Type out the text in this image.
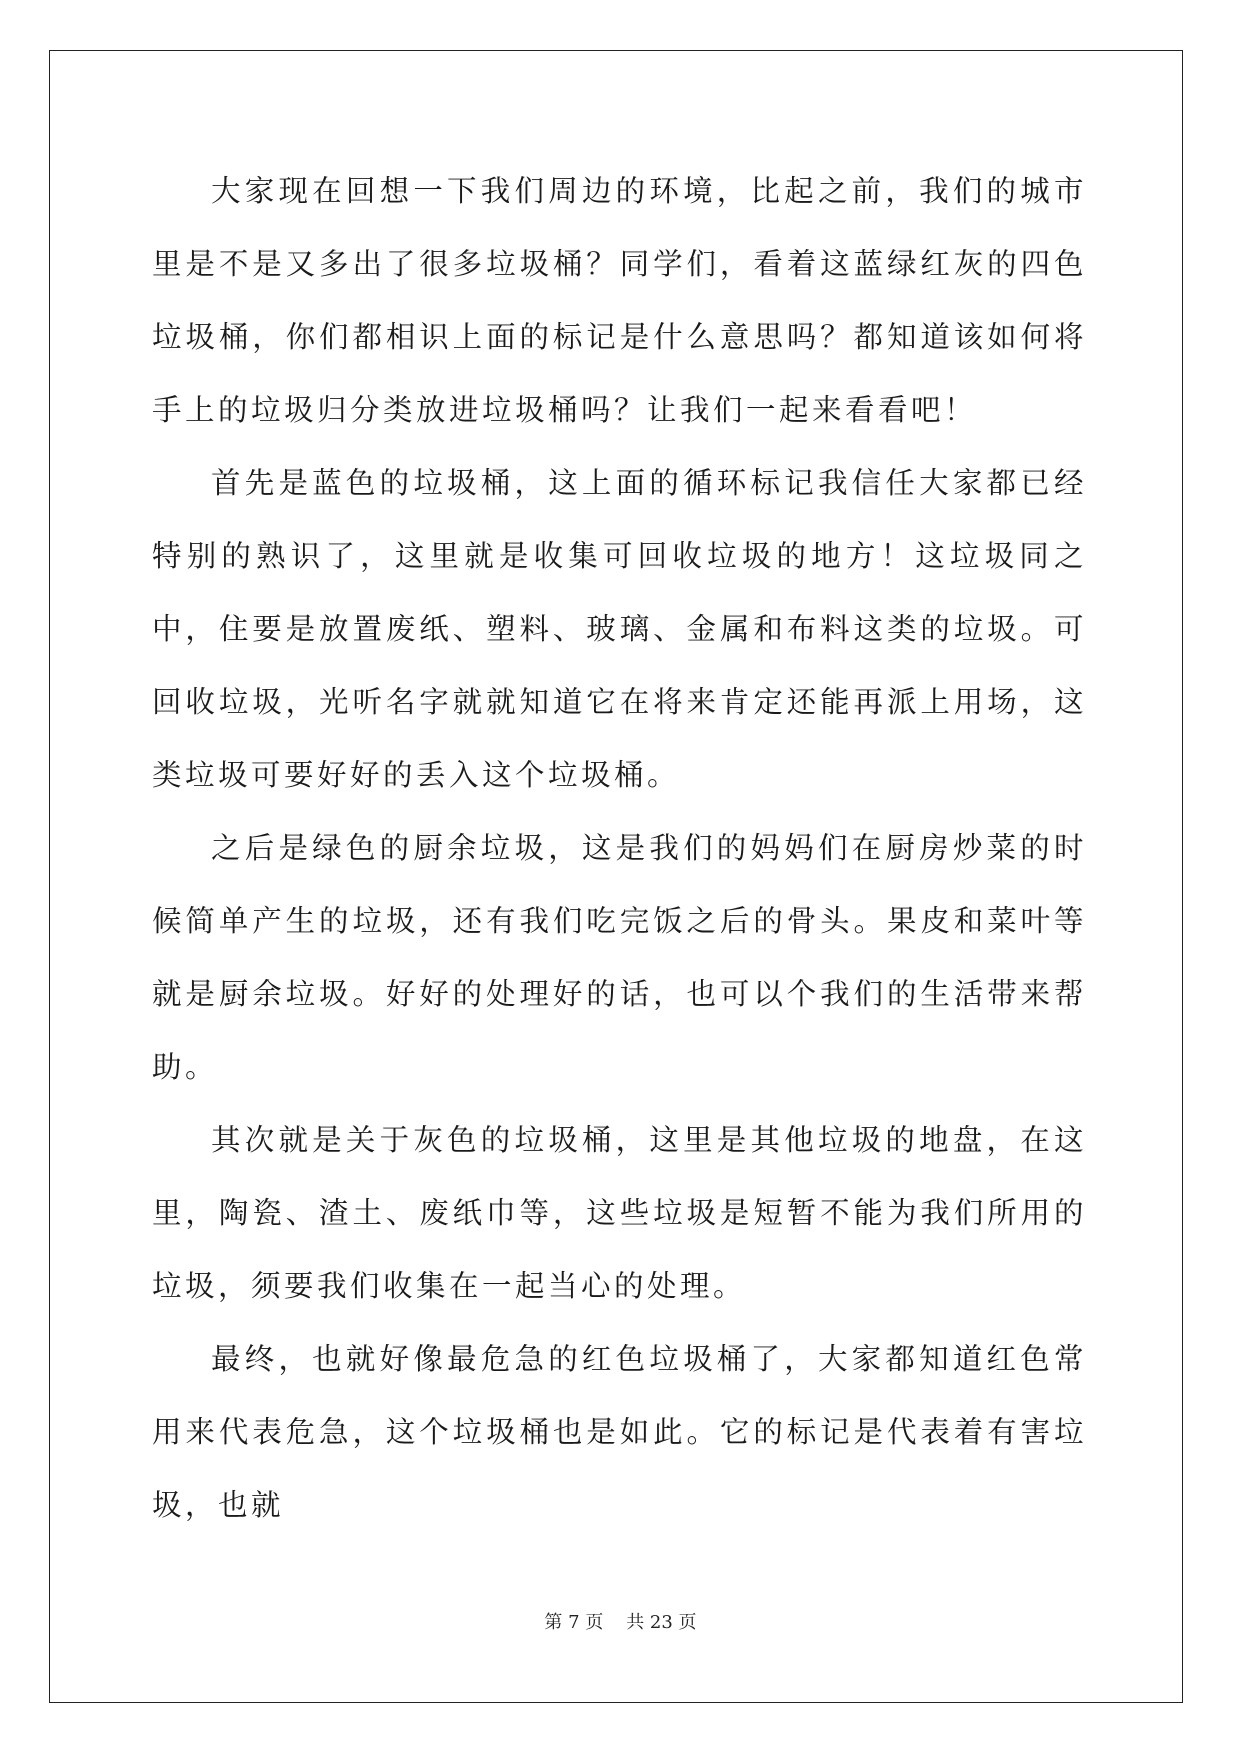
大家现在回想一下我们周边的环境，比起之前，我们的城市里是不是又多出了很多垃圾桶？同学们，看着这蓝绿红灰的四色垃圾桶，你们都相识上面的标记是什么意思吗？都知道该如何将手上的垃圾归分类放进垃圾桶吗？让我们一起来看看吧！

首先是蓝色的垃圾桶，这上面的循环标记我信任大家都已经特别的熟识了，这里就是收集可回收垃圾的地方！这垃圾同之中，住要是放置废纸、塑料、玻璃、金属和布料这类的垃圾。可回收垃圾，光听名字就就知道它在将来肯定还能再派上用场，这类垃圾可要好好的丢入这个垃圾桶。

之后是绿色的厨余垃圾，这是我们的妈妈们在厨房炒菜的时候简单产生的垃圾，还有我们吃完饭之后的骨头。果皮和菜叶等就是厨余垃圾。好好的处理好的话，也可以个我们的生活带来帮助。

其次就是关于灰色的垃圾桶，这里是其他垃圾的地盘，在这里，陶瓷、渣土、废纸巾等，这些垃圾是短暂不能为我们所用的垃圾，须要我们收集在一起当心的处理。

最终，也就好像最危急的红色垃圾桶了，大家都知道红色常用来代表危急，这个垃圾桶也是如此。它的标记是代表着有害垃圾，也就

第 7 页    共 23 页
